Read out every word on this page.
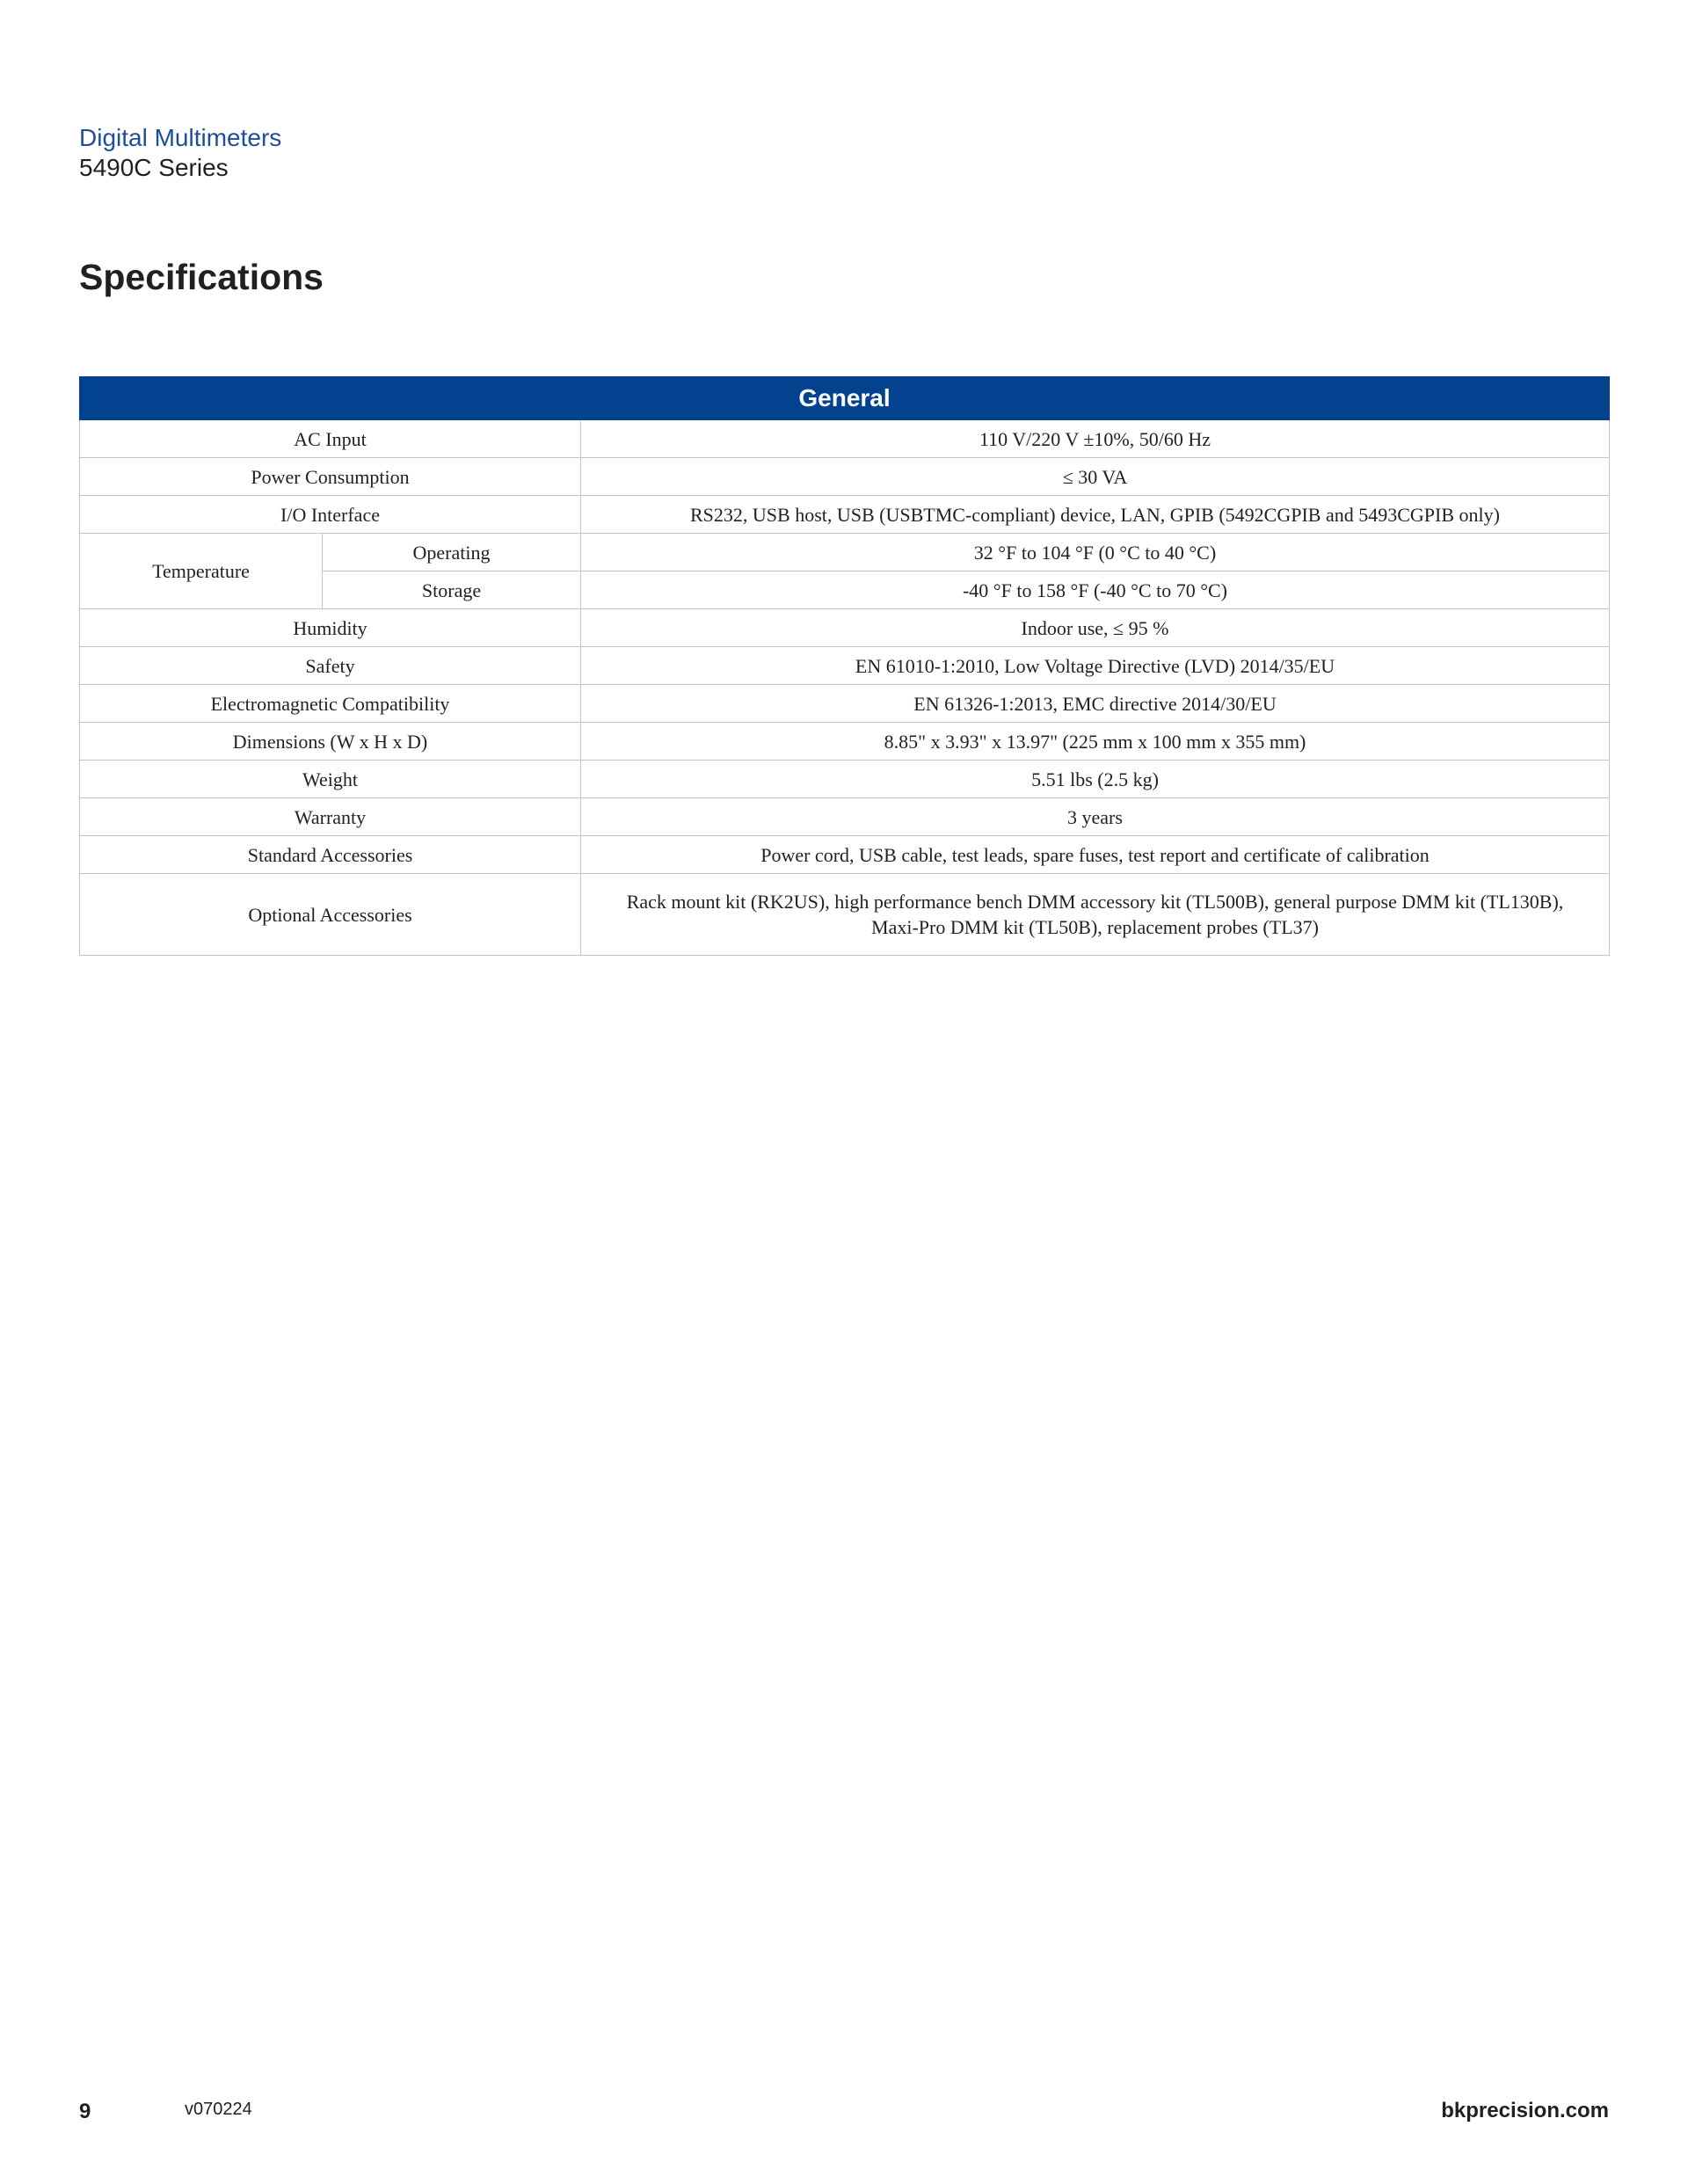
Digital Multimeters

5490C Series

Specifications
General		
AC Input		110 V/220 V ±10%, 50/60 Hz
Power Consumption		≤ 30 VA
I/O Interface		RS232, USB host, USB (USBTMC-compliant) device, LAN, GPIB (5492CGPIB and 5493CGPIB only)
Temperature	Operating	32 °F to 104 °F (0 °C to 40 °C)
	Storage	-40 °F to 158 °F (-40 °C to 70 °C)
Humidity		Indoor use, ≤ 95 %
Safety		EN 61010-1:2010, Low Voltage Directive (LVD) 2014/35/EU
Electromagnetic Compatibility		EN 61326-1:2013, EMC directive 2014/30/EU
Dimensions (W x H x D)		8.85" x 3.93" x 13.97" (225 mm x 100 mm x 355 mm)
Weight		5.51 lbs (2.5 kg)
Warranty		3 years
Standard Accessories		Power cord, USB cable, test leads, spare fuses, test report and certificate of calibration
Optional Accessories		Rack mount kit (RK2US), high performance bench DMM accessory kit (TL500B), general purpose DMM kit (TL130B),
Maxi-Pro DMM kit (TL50B), replacement probes (TL37)
9	v070224	bkprecision.com
